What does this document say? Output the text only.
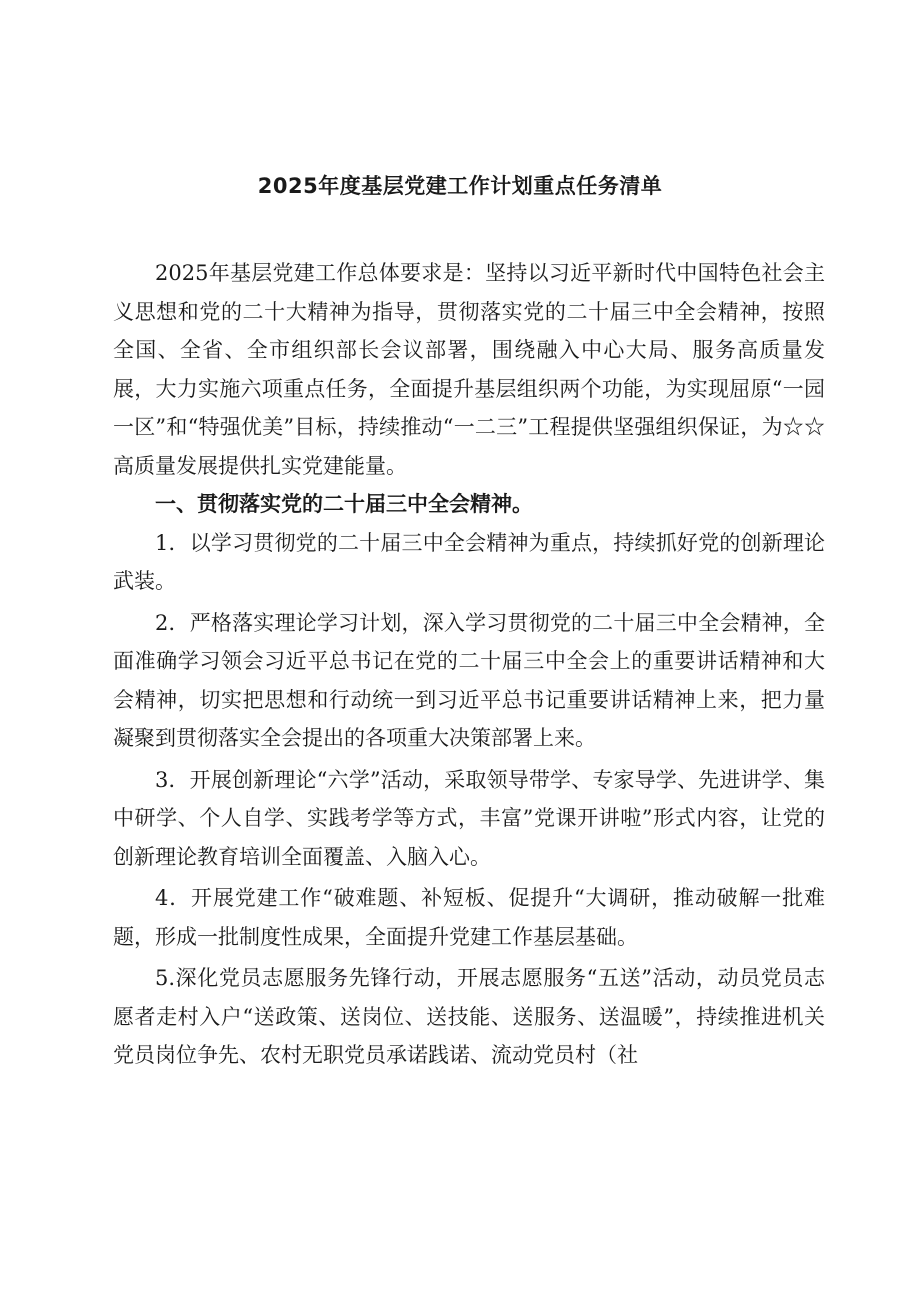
2025年度基层党建工作计划重点任务清单

2025年基层党建工作总体要求是：坚持以习近平新时代中国特色社会主义思想和党的二十大精神为指导，贯彻落实党的二十届三中全会精神，按照全国、全省、全市组织部长会议部署，围绕融入中心大局、服务高质量发展，大力实施六项重点任务，全面提升基层组织两个功能，为实现屈原“一园一区”和“特强优美”目标，持续推动“一二三”工程提供坚强组织保证，为☆☆高质量发展提供扎实党建能量。

一、贯彻落实党的二十届三中全会精神。

1．以学习贯彻党的二十届三中全会精神为重点，持续抓好党的创新理论武装。

2．严格落实理论学习计划，深入学习贯彻党的二十届三中全会精神，全面准确学习领会习近平总书记在党的二十届三中全会上的重要讲话精神和大会精神，切实把思想和行动统一到习近平总书记重要讲话精神上来，把力量凝聚到贯彻落实全会提出的各项重大决策部署上来。

3．开展创新理论“六学”活动，采取领导带学、专家导学、先进讲学、集中研学、个人自学、实践考学等方式，丰富”党课开讲啦”形式内容，让党的创新理论教育培训全面覆盖、入脑入心。

4．开展党建工作“破难题、补短板、促提升“大调研，推动破解一批难题，形成一批制度性成果，全面提升党建工作基层基础。

5.深化党员志愿服务先锋行动，开展志愿服务“五送”活动，动员党员志愿者走村入户“送政策、送岗位、送技能、送服务、送温暖”，持续推进机关党员岗位争先、农村无职党员承诺践诺、流动党员村（社
